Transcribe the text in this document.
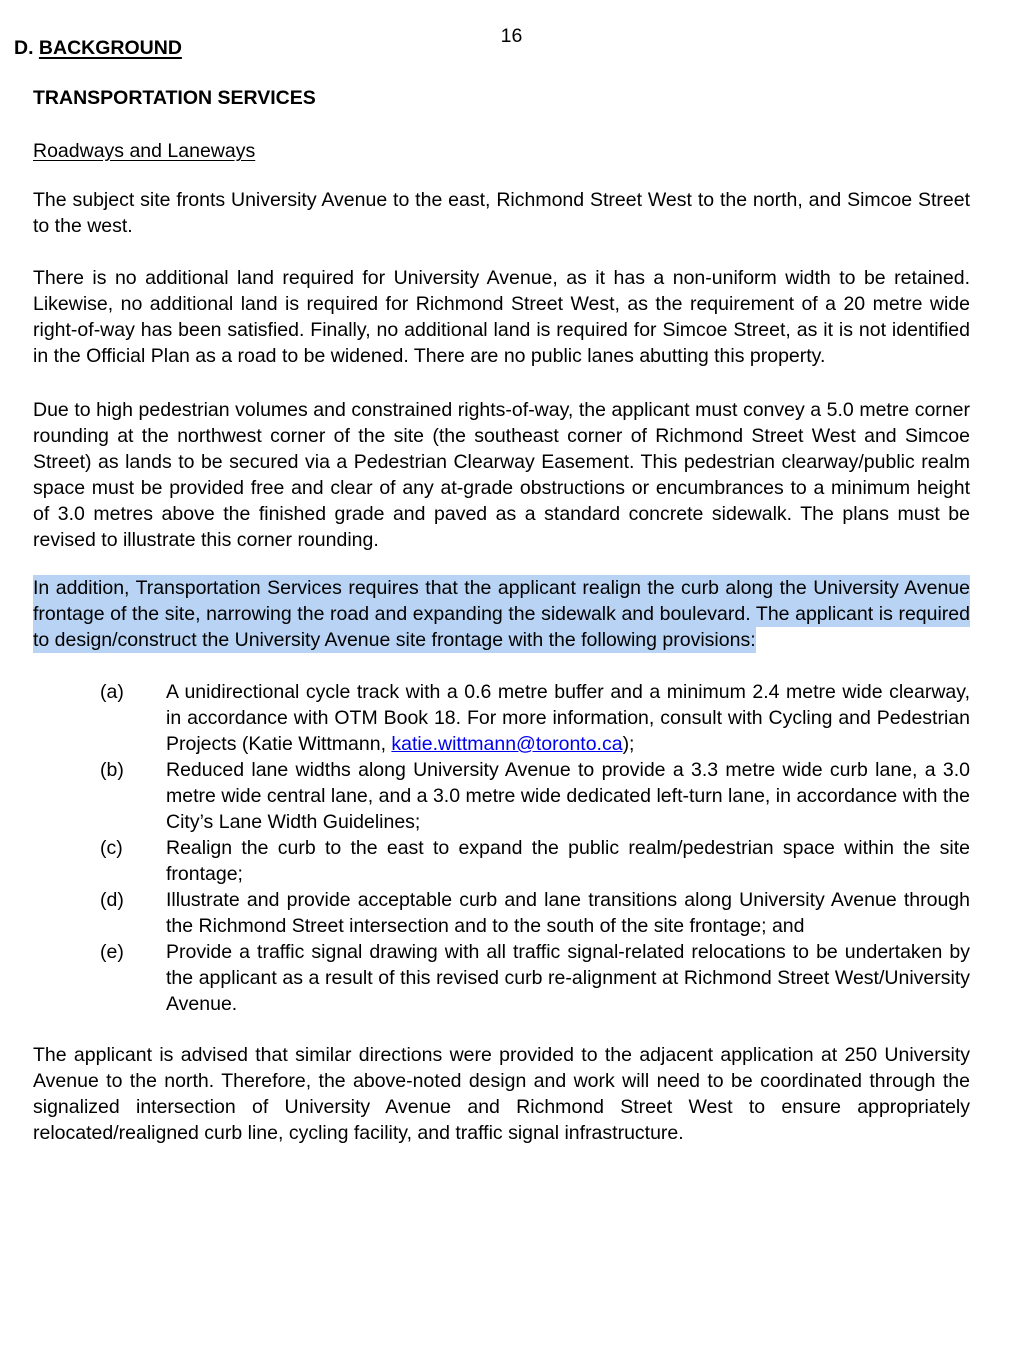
16
D. BACKGROUND
TRANSPORTATION SERVICES
Roadways and Laneways

The subject site fronts University Avenue to the east, Richmond Street West to the north, and Simcoe Street to the west.

There is no additional land required for University Avenue, as it has a non-uniform width to be retained. Likewise, no additional land is required for Richmond Street West, as the requirement of a 20 metre wide right-of-way has been satisfied. Finally, no additional land is required for Simcoe Street, as it is not identified in the Official Plan as a road to be widened. There are no public lanes abutting this property.

Due to high pedestrian volumes and constrained rights-of-way, the applicant must convey a 5.0 metre corner rounding at the northwest corner of the site (the southeast corner of Richmond Street West and Simcoe Street) as lands to be secured via a Pedestrian Clearway Easement. This pedestrian clearway/public realm space must be provided free and clear of any at-grade obstructions or encumbrances to a minimum height of 3.0 metres above the finished grade and paved as a standard concrete sidewalk. The plans must be revised to illustrate this corner rounding.

In addition, Transportation Services requires that the applicant realign the curb along the University Avenue frontage of the site, narrowing the road and expanding the sidewalk and boulevard. The applicant is required to design/construct the University Avenue site frontage with the following provisions:

(a)	A unidirectional cycle track with a 0.6 metre buffer and a minimum 2.4 metre wide clearway, in accordance with OTM Book 18. For more information, consult with Cycling and Pedestrian Projects (Katie Wittmann, katie.wittmann@toronto.ca);
(b)	Reduced lane widths along University Avenue to provide a 3.3 metre wide curb lane, a 3.0 metre wide central lane, and a 3.0 metre wide dedicated left-turn lane, in accordance with the City’s Lane Width Guidelines;
(c)	Realign the curb to the east to expand the public realm/pedestrian space within the site frontage;
(d)	Illustrate and provide acceptable curb and lane transitions along University Avenue through the Richmond Street intersection and to the south of the site frontage; and
(e)	Provide a traffic signal drawing with all traffic signal-related relocations to be undertaken by the applicant as a result of this revised curb re-alignment at Richmond Street West/University Avenue.

The applicant is advised that similar directions were provided to the adjacent application at 250 University Avenue to the north. Therefore, the above-noted design and work will need to be coordinated through the signalized intersection of University Avenue and Richmond Street West to ensure appropriately relocated/realigned curb line, cycling facility, and traffic signal infrastructure.
